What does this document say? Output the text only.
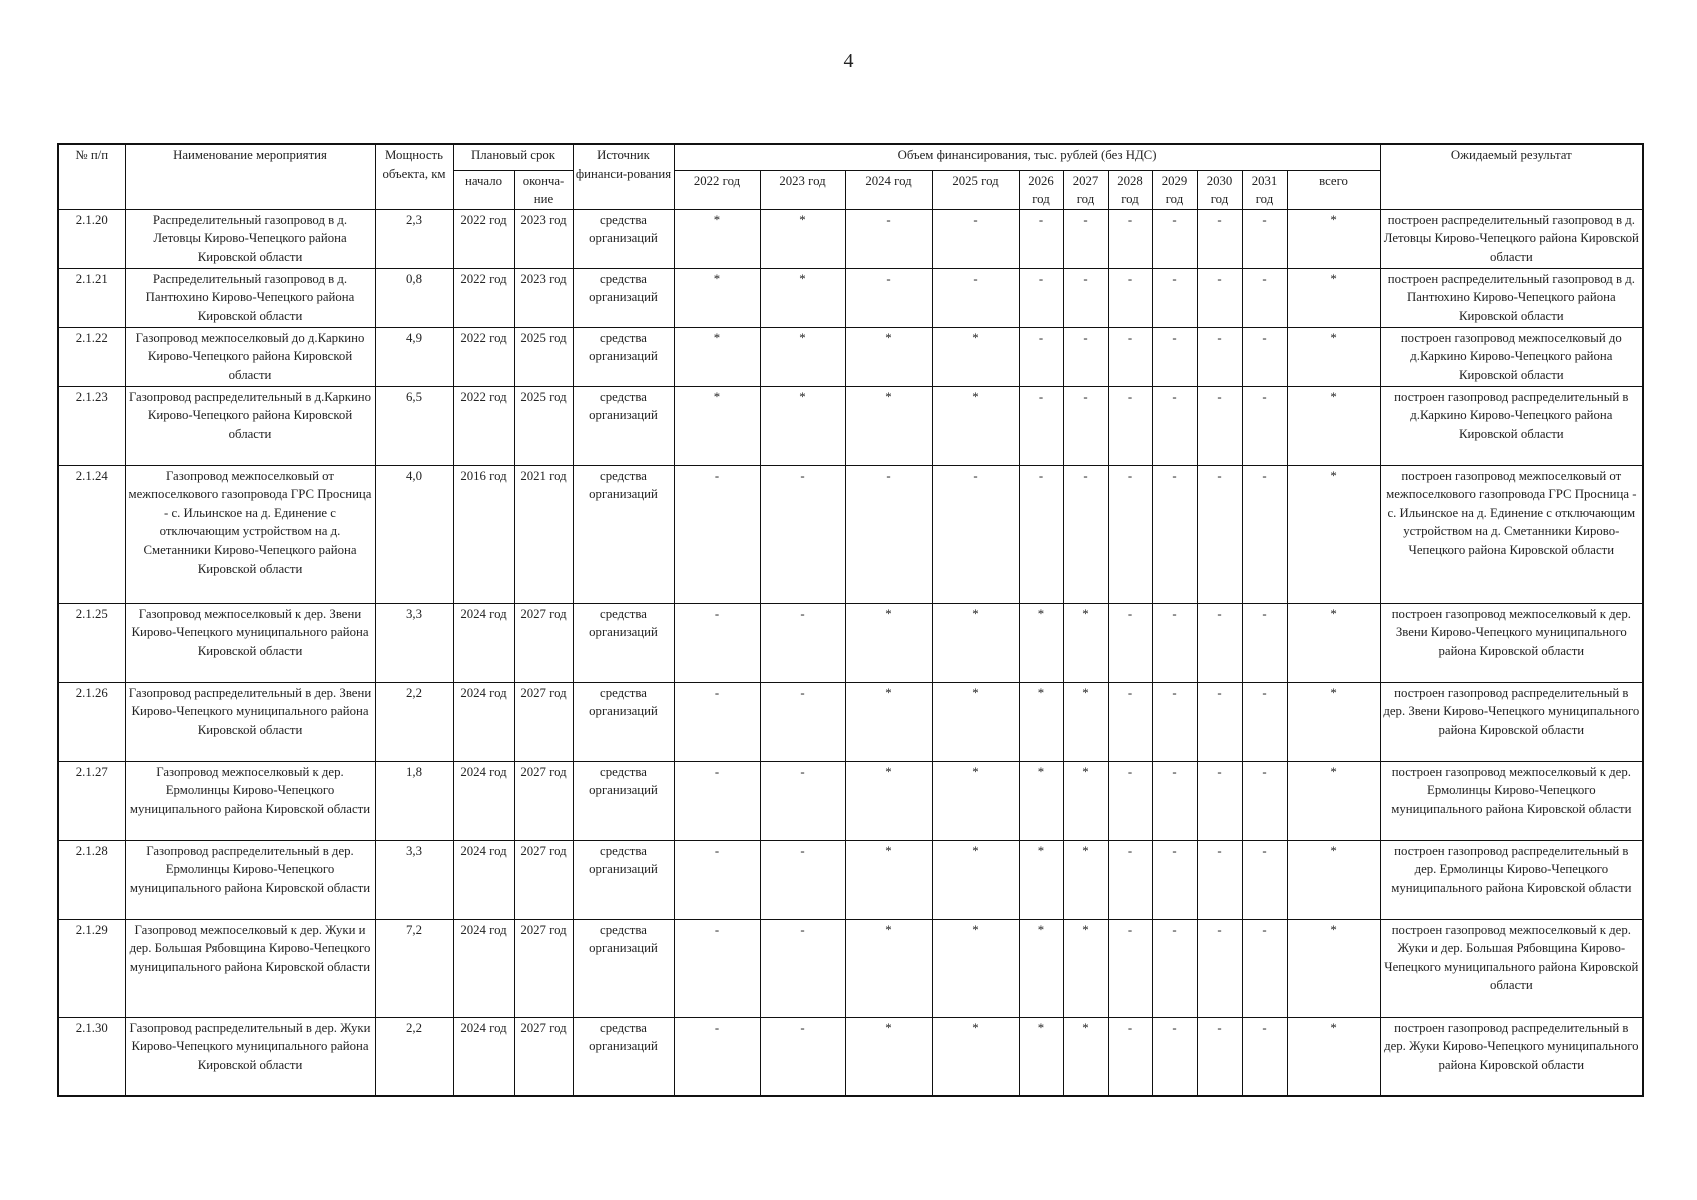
4
№ п/п	Наименование мероприятия	Мощность объекта, км	Плановый срок		Источник финанси-рования	Объем финансирования, тыс. рублей (без НДС)											Ожидаемый результат
			начало	оконча-ние		2022 год	2023 год	2024 год	2025 год	2026 год	2027 год	2028 год	2029 год	2030 год	2031 год	всего	
2.1.20	Распределительный газопровод в д. Летовцы Кирово-Чепецкого района Кировской области	2,3	2022 год	2023 год	средства организаций	*	*	-	-	-	-	-	-	-	-	*	построен распределительный газопровод в д. Летовцы Кирово-Чепецкого района Кировской области
2.1.21	Распределительный газопровод в д. Пантюхино Кирово-Чепецкого района Кировской области	0,8	2022 год	2023 год	средства организаций	*	*	-	-	-	-	-	-	-	-	*	построен распределительный газопровод в д. Пантюхино Кирово-Чепецкого района Кировской области
2.1.22	Газопровод межпоселковый до д.Каркино Кирово-Чепецкого района Кировской области	4,9	2022 год	2025 год	средства организаций	*	*	*	*	-	-	-	-	-	-	*	построен газопровод межпоселковый до д.Каркино Кирово-Чепецкого района Кировской области
2.1.23	Газопровод распределительный в д.Каркино Кирово-Чепецкого района Кировской области	6,5	2022 год	2025 год	средства организаций	*	*	*	*	-	-	-	-	-	-	*	построен газопровод распределительный в д.Каркино Кирово-Чепецкого района Кировской области
2.1.24	Газопровод межпоселковый от межпоселкового газопровода ГРС Просница - с. Ильинское на д. Единение с отключающим устройством на д. Сметанники Кирово-Чепецкого района Кировской области	4,0	2016 год	2021 год	средства организаций	-	-	-	-	-	-	-	-	-	-	*	построен газопровод межпоселковый от межпоселкового газопровода ГРС Просница - с. Ильинское на д. Единение с отключающим устройством на д. Сметанники Кирово-Чепецкого района Кировской области
2.1.25	Газопровод межпоселковый к дер. Звени Кирово-Чепецкого муниципального района Кировской области	3,3	2024 год	2027 год	средства организаций	-	-	*	*	*	*	-	-	-	-	*	построен газопровод межпоселковый к дер. Звени Кирово-Чепецкого муниципального района Кировской области
2.1.26	Газопровод распределительный в дер. Звени Кирово-Чепецкого муниципального района Кировской области	2,2	2024 год	2027 год	средства организаций	-	-	*	*	*	*	-	-	-	-	*	построен газопровод распределительный в дер. Звени Кирово-Чепецкого муниципального района Кировской области
2.1.27	Газопровод межпоселковый к дер. Ермолинцы Кирово-Чепецкого муниципального района Кировской области	1,8	2024 год	2027 год	средства организаций	-	-	*	*	*	*	-	-	-	-	*	построен газопровод межпоселковый к дер. Ермолинцы Кирово-Чепецкого муниципального района Кировской области
2.1.28	Газопровод распределительный в дер. Ермолинцы Кирово-Чепецкого муниципального района Кировской области	3,3	2024 год	2027 год	средства организаций	-	-	*	*	*	*	-	-	-	-	*	построен газопровод распределительный в дер. Ермолинцы Кирово-Чепецкого муниципального района Кировской области
2.1.29	Газопровод межпоселковый к дер. Жуки и дер. Большая Рябовщина Кирово-Чепецкого муниципального района Кировской области	7,2	2024 год	2027 год	средства организаций	-	-	*	*	*	*	-	-	-	-	*	построен газопровод межпоселковый к дер. Жуки и дер. Большая Рябовщина Кирово-Чепецкого муниципального района Кировской области
2.1.30	Газопровод распределительный в дер. Жуки Кирово-Чепецкого муниципального района Кировской области	2,2	2024 год	2027 год	средства организаций	-	-	*	*	*	*	-	-	-	-	*	построен газопровод распределительный в дер. Жуки Кирово-Чепецкого муниципального района Кировской области
